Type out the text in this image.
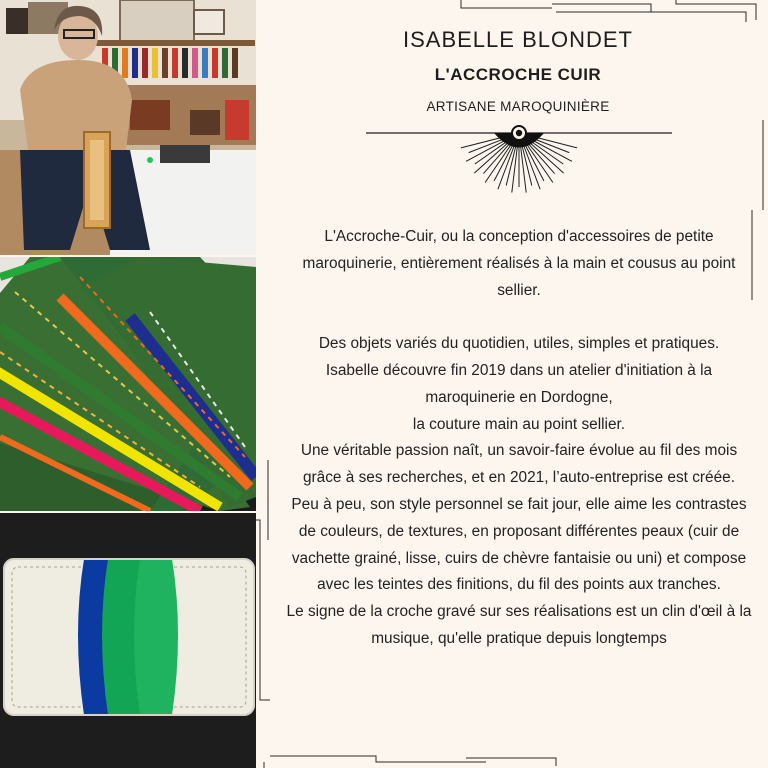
ISABELLE BLONDET
L'ACCROCHE CUIR
ARTISANE MAROQUINIÈRE

L'Accroche-Cuir, ou la conception d'accessoires de petite maroquinerie, entièrement réalisés à la main et cousus au point sellier.

Des objets variés du quotidien, utiles, simples et pratiques.

Isabelle découvre fin 2019 dans un atelier d'initiation à la maroquinerie en Dordogne,

la couture main au point sellier.

Une véritable passion naît, un savoir-faire évolue au fil des mois grâce à ses recherches, et en 2021, l’auto-entreprise est créée.

Peu à peu, son style personnel se fait jour, elle aime les contrastes de couleurs, de textures, en proposant différentes peaux (cuir de vachette grainé, lisse, cuirs de chèvre fantaisie ou uni) et compose avec les teintes des finitions, du fil des points aux tranches.

Le signe de la croche gravé sur ses réalisations est un clin d'œil à la musique, qu'elle pratique depuis longtemps
